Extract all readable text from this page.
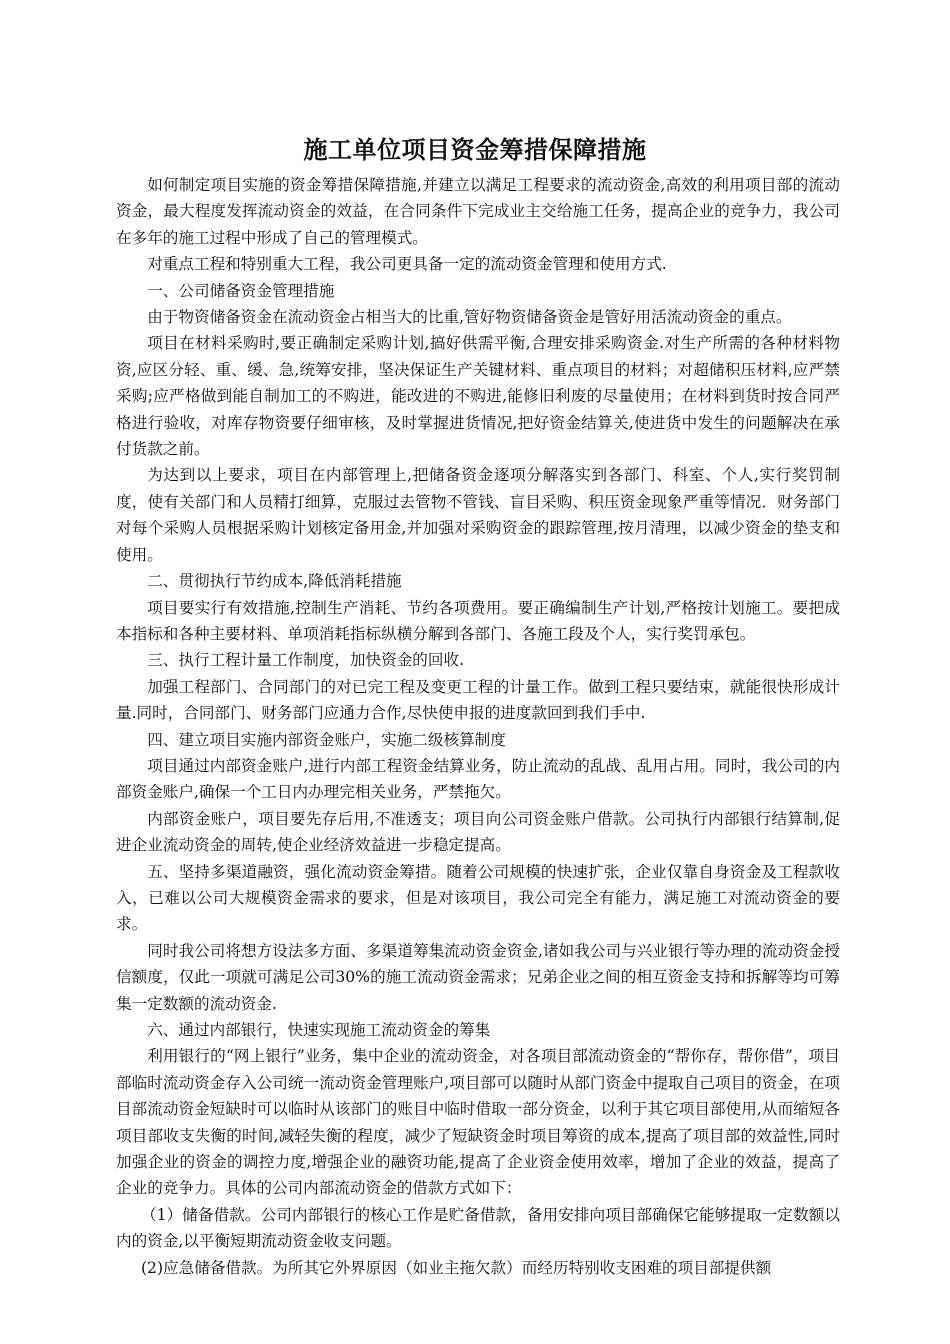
施工单位项目资金筹措保障措施

如何制定项目实施的资金筹措保障措施,并建立以满足工程要求的流动资金,高效的利用项目部的流动资金，最大程度发挥流动资金的效益，在合同条件下完成业主交给施工任务，提高企业的竞争力，我公司在多年的施工过程中形成了自己的管理模式。

对重点工程和特别重大工程，我公司更具备一定的流动资金管理和使用方式.

一、公司储备资金管理措施

由于物资储备资金在流动资金占相当大的比重,管好物资储备资金是管好用活流动资金的重点。

项目在材料采购时,要正确制定采购计划,搞好供需平衡,合理安排采购资金.对生产所需的各种材料物资,应区分轻、重、缓、急,统筹安排，坚决保证生产关键材料、重点项目的材料；对超储积压材料,应严禁采购;应严格做到能自制加工的不购进，能改进的不购进,能修旧利废的尽量使用；在材料到货时按合同严格进行验收，对库存物资要仔细审核，及时掌握进货情况,把好资金结算关,使进货中发生的问题解决在承付货款之前。

为达到以上要求，项目在内部管理上,把储备资金逐项分解落实到各部门、科室、个人,实行奖罚制度，使有关部门和人员精打细算，克服过去管物不管钱、盲目采购、积压资金现象严重等情况．财务部门对每个采购人员根据采购计划核定备用金,并加强对采购资金的跟踪管理,按月清理，以减少资金的垫支和使用。

二、贯彻执行节约成本,降低消耗措施

项目要实行有效措施,控制生产消耗、节约各项费用。要正确编制生产计划,严格按计划施工。要把成本指标和各种主要材料、单项消耗指标纵横分解到各部门、各施工段及个人，实行奖罚承包。

三、执行工程计量工作制度，加快资金的回收.

加强工程部门、合同部门的对已完工程及变更工程的计量工作。做到工程只要结束，就能很快形成计量.同时，合同部门、财务部门应通力合作,尽快使申报的进度款回到我们手中.

四、建立项目实施内部资金账户，实施二级核算制度

项目通过内部资金账户,进行内部工程资金结算业务，防止流动的乱战、乱用占用。同时，我公司的内部资金账户,确保一个工日内办理完相关业务，严禁拖欠。

内部资金账户，项目要先存后用,不准透支；项目向公司资金账户借款。公司执行内部银行结算制,促进企业流动资金的周转,使企业经济效益进一步稳定提高。

五、坚持多渠道融资，强化流动资金筹措。随着公司规模的快速扩张，企业仅靠自身资金及工程款收入，已难以公司大规模资金需求的要求，但是对该项目，我公司完全有能力，满足施工对流动资金的要求。

同时我公司将想方设法多方面、多渠道筹集流动资金资金,诸如我公司与兴业银行等办理的流动资金授信额度，仅此一项就可满足公司30%的施工流动资金需求；兄弟企业之间的相互资金支持和拆解等均可筹集一定数额的流动资金.

六、通过内部银行，快速实现施工流动资金的筹集

利用银行的“网上银行”业务，集中企业的流动资金，对各项目部流动资金的“帮你存，帮你借”，项目部临时流动资金存入公司统一流动资金管理账户,项目部可以随时从部门资金中提取自己项目的资金，在项目部流动资金短缺时可以临时从该部门的账目中临时借取一部分资金，以利于其它项目部使用,从而缩短各项目部收支失衡的时间,减轻失衡的程度，减少了短缺资金时项目筹资的成本,提高了项目部的效益性,同时加强企业的资金的调控力度,增强企业的融资功能,提高了企业资金使用效率，增加了企业的效益，提高了企业的竞争力。具体的公司内部流动资金的借款方式如下：

（1）储备借款。公司内部银行的核心工作是贮备借款，备用安排向项目部确保它能够提取一定数额以内的资金,以平衡短期流动资金收支问题。

(2)应急储备借款。为所其它外界原因（如业主拖欠款）而经历特别收支困难的项目部提供额
